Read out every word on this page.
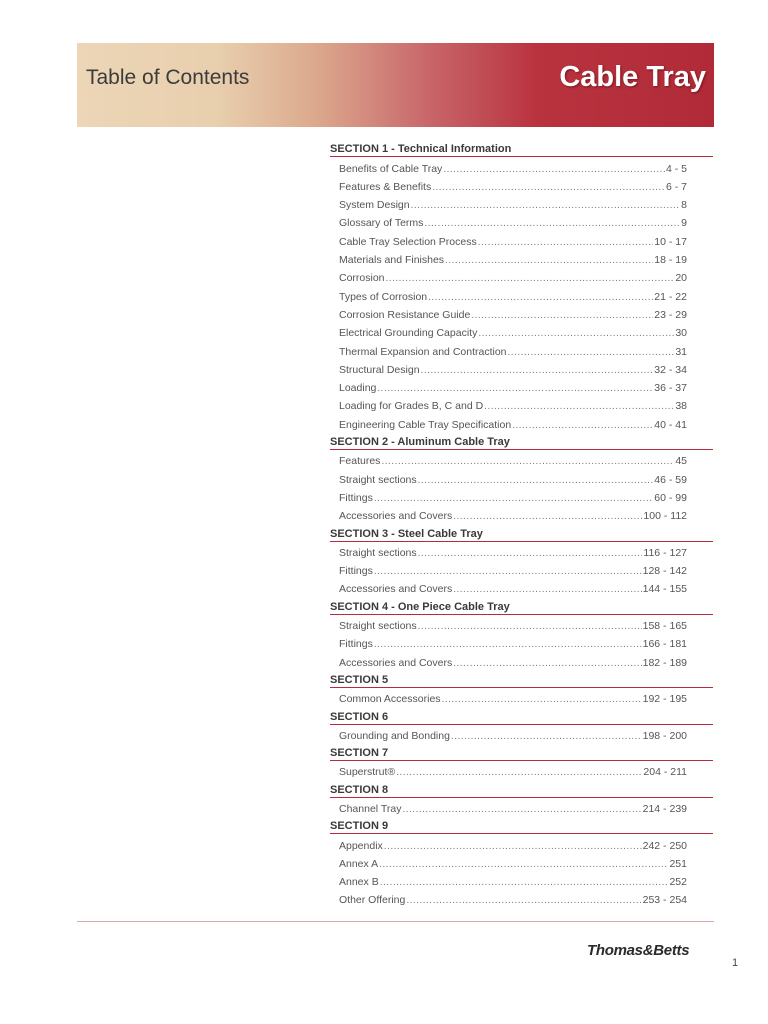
Table of Contents	Cable Tray
SECTION 1 - Technical Information
Benefits of Cable Tray .....	4 - 5
Features & Benefits .....	6 - 7
System Design .....	8
Glossary of Terms .....	9
Cable Tray Selection Process .....	10 - 17
Materials and Finishes .....	18 - 19
Corrosion .....	20
Types of Corrosion .....	21 - 22
Corrosion Resistance Guide .....	23 - 29
Electrical Grounding Capacity .....	30
Thermal Expansion and Contraction .....	31
Structural Design .....	32 - 34
Loading .....	36 - 37
Loading for Grades B, C and D .....	38
Engineering Cable Tray Specification .....	40 - 41
SECTION 2 - Aluminum Cable Tray
Features .....	45
Straight sections .....	46 - 59
Fittings .....	60 - 99
Accessories and Covers .....	100 - 112
SECTION 3 - Steel Cable Tray
Straight sections .....	116 - 127
Fittings .....	128 - 142
Accessories and Covers .....	144 - 155
SECTION 4 - One Piece Cable Tray
Straight sections .....	158 - 165
Fittings .....	166 - 181
Accessories and Covers .....	182 - 189
SECTION 5
Common Accessories .....	192 - 195
SECTION 6
Grounding and Bonding .....	198 - 200
SECTION 7
Superstrut® .....	204 - 211
SECTION 8
Channel Tray .....	214 - 239
SECTION 9
Appendix .....	242 - 250
Annex A .....	251
Annex B .....	252
Other Offering .....	253 - 254
Thomas&Betts
1
